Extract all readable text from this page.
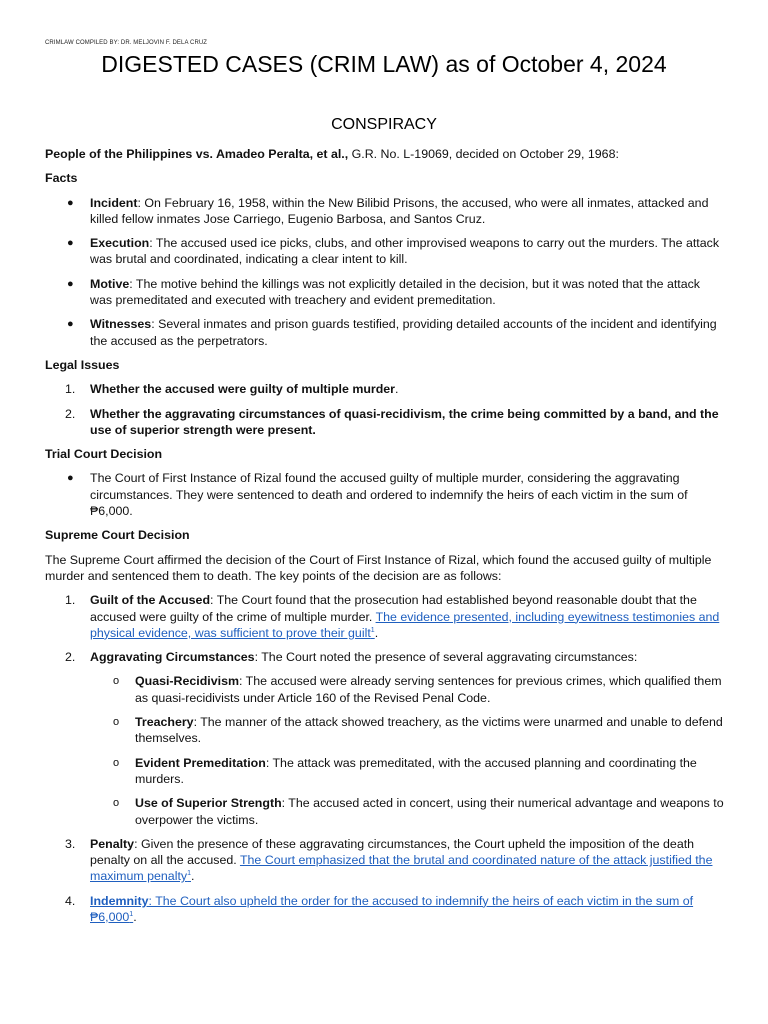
CRIMLAW COMPILED BY: DR. MELJOVIN F. DELA CRUZ
DIGESTED CASES (CRIM LAW) as of October 4, 2024
CONSPIRACY

People of the Philippines vs. Amadeo Peralta, et al., G.R. No. L-19069, decided on October 29, 1968:

Facts
●	Incident: On February 16, 1958, within the New Bilibid Prisons, the accused, who were all inmates, attacked and killed fellow inmates Jose Carriego, Eugenio Barbosa, and Santos Cruz.
●	Execution: The accused used ice picks, clubs, and other improvised weapons to carry out the murders. The attack was brutal and coordinated, indicating a clear intent to kill.
●	Motive: The motive behind the killings was not explicitly detailed in the decision, but it was noted that the attack was premeditated and executed with treachery and evident premeditation.
●	Witnesses: Several inmates and prison guards testified, providing detailed accounts of the incident and identifying the accused as the perpetrators.
Legal Issues
1.	Whether the accused were guilty of multiple murder.
2.	Whether the aggravating circumstances of quasi-recidivism, the crime being committed by a band, and the use of superior strength were present.
Trial Court Decision
●	The Court of First Instance of Rizal found the accused guilty of multiple murder, considering the aggravating circumstances. They were sentenced to death and ordered to indemnify the heirs of each victim in the sum of ₱6,000.
Supreme Court Decision

The Supreme Court affirmed the decision of the Court of First Instance of Rizal, which found the accused guilty of multiple murder and sentenced them to death. The key points of the decision are as follows:

1.	Guilt of the Accused: The Court found that the prosecution had established beyond reasonable doubt that the accused were guilty of the crime of multiple murder. The evidence presented, including eyewitness testimonies and physical evidence, was sufficient to prove their guilt$^1$.
2.	Aggravating Circumstances: The Court noted the presence of several aggravating circumstances:
o	Quasi-Recidivism: The accused were already serving sentences for previous crimes, which qualified them as quasi-recidivists under Article 160 of the Revised Penal Code.
o	Treachery: The manner of the attack showed treachery, as the victims were unarmed and unable to defend themselves.
o	Evident Premeditation: The attack was premeditated, with the accused planning and coordinating the murders.
o	Use of Superior Strength: The accused acted in concert, using their numerical advantage and weapons to overpower the victims.
3.	Penalty: Given the presence of these aggravating circumstances, the Court upheld the imposition of the death penalty on all the accused. The Court emphasized that the brutal and coordinated nature of the attack justified the maximum penalty$^1$.
4.	Indemnity: The Court also upheld the order for the accused to indemnify the heirs of each victim in the sum of ₱6,000$^1$.
